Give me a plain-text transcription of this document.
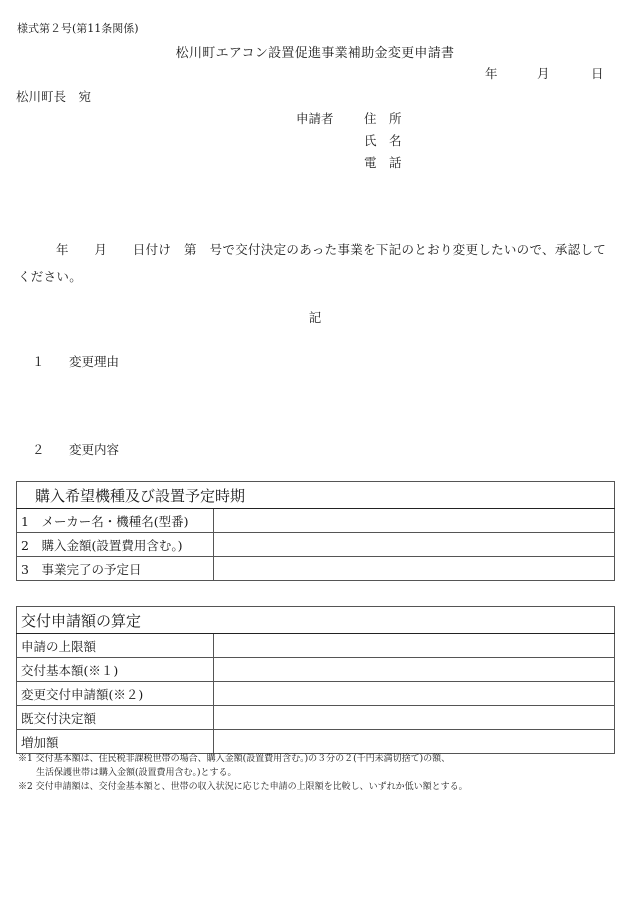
様式第２号(第11条関係)
松川町エアコン設置促進事業補助金変更申請書
年	月	日
松川町長　宛
申請者 住　所
氏　名
電　話
年　　月　　日付け　第　号で交付決定のあった事業を下記のとおり変更したいので、承認してください。
記
１ 変更理由
２ 変更内容
購入希望機種及び設置予定時期	
1　メーカー名・機種名(型番)	
2　購入金額(設置費用含む。)	
3　事業完了の予定日	
交付申請額の算定	
申請の上限額	
交付基本額(※１)	
変更交付申請額(※２)	
既交付決定額	
増加額	
※1 交付基本額は、住民税非課税世帯の場合、購入金額(設置費用含む。)の３分の２(千円未満切捨て)の額、
　　生活保護世帯は購入金額(設置費用含む。)とする。
※2 交付申請額は、交付金基本額と、世帯の収入状況に応じた申請の上限額を比較し、いずれか低い額とする。
